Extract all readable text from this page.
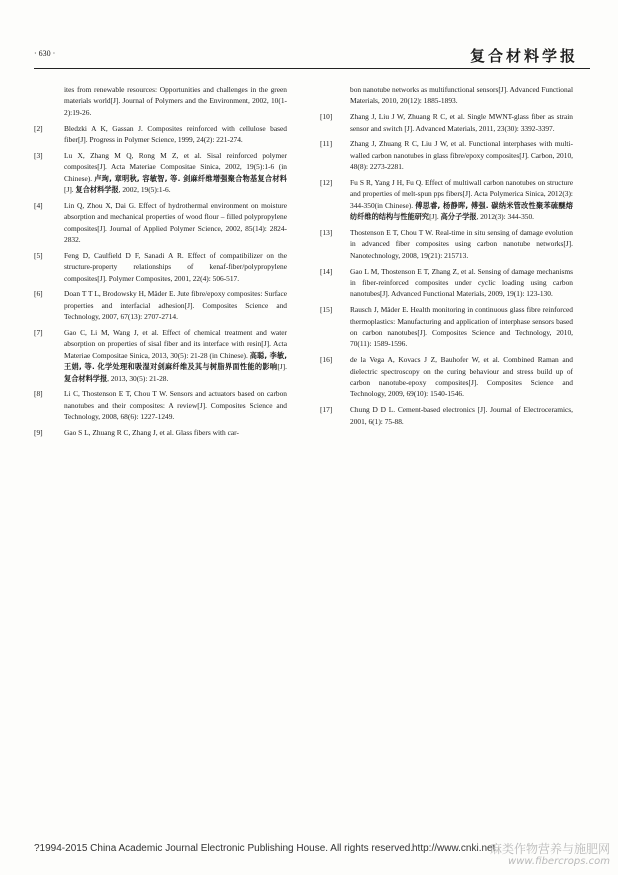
· 630 ·	复合材料学报
ites from renewable resources: Opportunities and challenges in the green materials world[J]. Journal of Polymers and the Environment, 2002, 10(1-2):19-26.
[2]	Bledzki A K, Gassan J. Composites reinforced with cellulose based fiber[J]. Progress in Polymer Science, 1999, 24(2): 221-274.
[3]	Lu X, Zhang M Q, Rong M Z, et al. Sisal reinforced polymer composites[J]. Acta Materiae Compositae Sinica, 2002, 19(5):1-6 (in Chinese). 卢珣, 章明秋, 容敏智, 等. 剑麻纤维增强聚合物基复合材料[J]. 复合材料学报, 2002, 19(5):1-6.
[4]	Lin Q, Zhou X, Dai G. Effect of hydrothermal environment on moisture absorption and mechanical properties of wood flour – filled polypropylene composites[J]. Journal of Applied Polymer Science, 2002, 85(14): 2824-2832.
[5]	Feng D, Caulfield D F, Sanadi A R. Effect of compatibilizer on the structure-property relationships of kenaf-fiber/polypropylene composites[J]. Polymer Composites, 2001, 22(4): 506-517.
[6]	Doan T T L, Brodowsky H, Mäder E. Jute fibre/epoxy composites: Surface properties and interfacial adhesion[J]. Composites Science and Technology, 2007, 67(13): 2707-2714.
[7]	Gao C, Li M, Wang J, et al. Effect of chemical treatment and water absorption on properties of sisal fiber and its interface with resin[J]. Acta Materiae Compositae Sinica, 2013, 30(5): 21-28 (in Chinese). 高聪, 李敏, 王娟, 等. 化学处理和吸湿对剑麻纤维及其与树脂界面性能的影响[J]. 复合材料学报, 2013, 30(5): 21-28.
[8]	Li C, Thostenson E T, Chou T W. Sensors and actuators based on carbon nanotubes and their composites: A review[J]. Composites Science and Technology, 2008, 68(6): 1227-1249.
[9]	Gao S L, Zhuang R C, Zhang J, et al. Glass fibers with car-
bon nanotube networks as multifunctional sensors[J]. Advanced Functional Materials, 2010, 20(12): 1885-1893.
[10]	Zhang J, Liu J W, Zhuang R C, et al. Single MWNT-glass fiber as strain sensor and switch [J]. Advanced Materials, 2011, 23(30): 3392-3397.
[11]	Zhang J, Zhuang R C, Liu J W, et al. Functional interphases with multi-walled carbon nanotubes in glass fibre/epoxy composites[J]. Carbon, 2010, 48(8): 2273-2281.
[12]	Fu S R, Yang J H, Fu Q. Effect of multiwall carbon nanotubes on structure and properties of melt-spun pps fibers[J]. Acta Polymerica Sinica, 2012(3): 344-350(in Chinese). 傅思睿, 杨静晖, 傅强. 碳纳米管改性聚苯硫醚熔纺纤维的结构与性能研究[J]. 高分子学报, 2012(3): 344-350.
[13]	Thostenson E T, Chou T W. Real-time in situ sensing of damage evolution in advanced fiber composites using carbon nanotube networks[J]. Nanotechnology, 2008, 19(21): 215713.
[14]	Gao L M, Thostenson E T, Zhang Z, et al. Sensing of damage mechanisms in fiber-reinforced composites under cyclic loading using carbon nanotubes[J]. Advanced Functional Materials, 2009, 19(1): 123-130.
[15]	Rausch J, Mäder E. Health monitoring in continuous glass fibre reinforced thermoplastics: Manufacturing and application of interphase sensors based on carbon nanotubes[J]. Composites Science and Technology, 2010, 70(11): 1589-1596.
[16]	de la Vega A, Kovacs J Z, Bauhofer W, et al. Combined Raman and dielectric spectroscopy on the curing behaviour and stress build up of carbon nanotube-epoxy composites[J]. Composites Science and Technology, 2009, 69(10): 1540-1546.
[17]	Chung D D L. Cement-based electronics [J]. Journal of Electroceramics, 2001, 6(1): 75-88.
?1994-2015 China Academic Journal Electronic Publishing House. All rights reserved.
http://www.cnki.net
麻类作物营养与施肥网
www.fibercrops.com
